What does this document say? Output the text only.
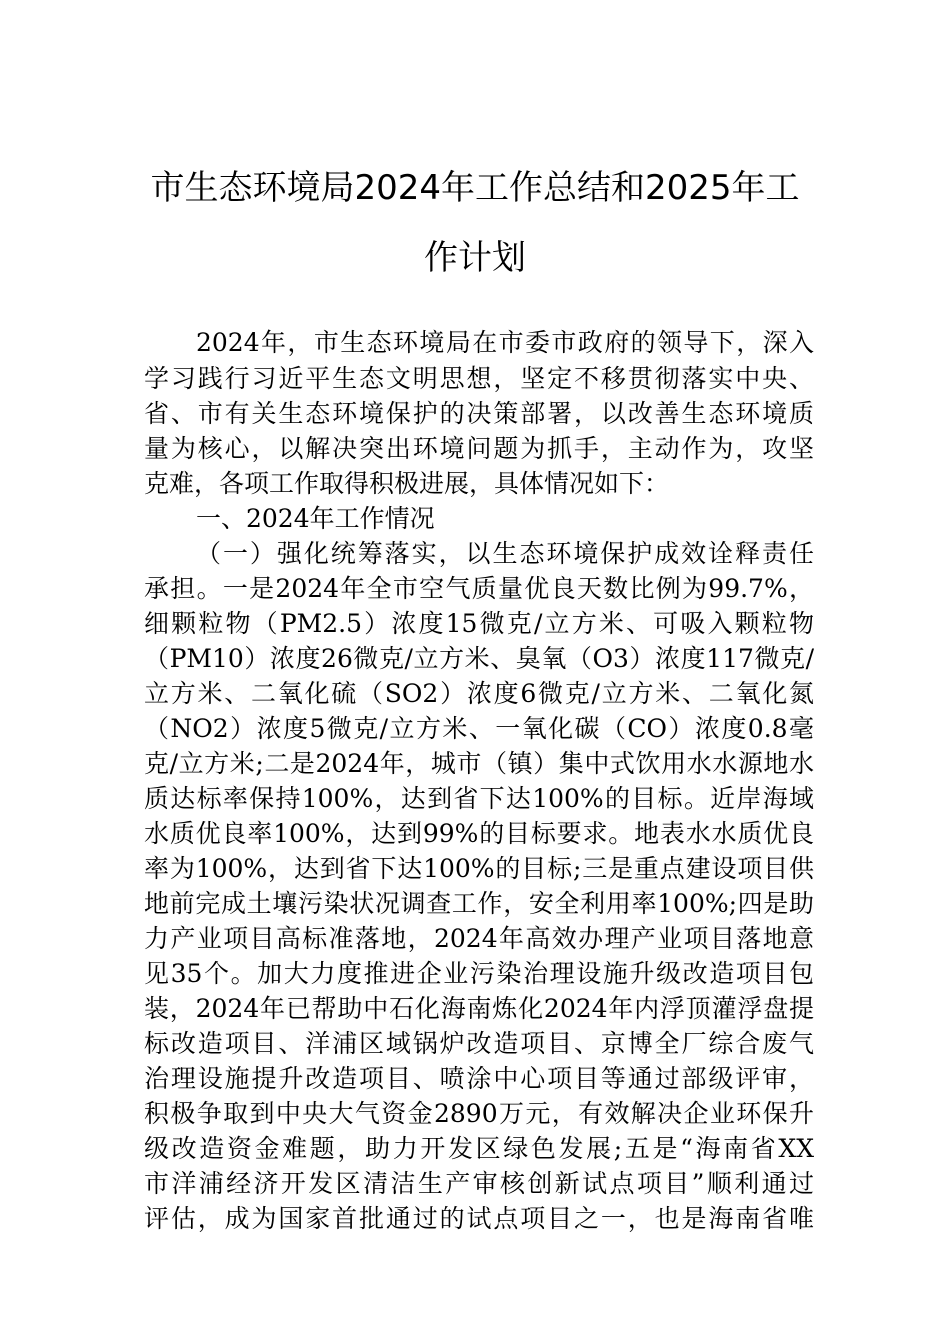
市生态环境局2024年工作总结和2025年工
作计划
2024年，市生态环境局在市委市政府的领导下，深入
学习践行习近平生态文明思想，坚定不移贯彻落实中央、
省、市有关生态环境保护的决策部署，以改善生态环境质
量为核心，以解决突出环境问题为抓手，主动作为，攻坚
克难，各项工作取得积极进展，具体情况如下：
一、2024年工作情况
（一）强化统筹落实，以生态环境保护成效诠释责任
承担。一是2024年全市空气质量优良天数比例为99.7%，
细颗粒物（PM2.5）浓度15微克/立方米、可吸入颗粒物
（PM10）浓度26微克/立方米、臭氧（O3）浓度117微克/
立方米、二氧化硫（SO2）浓度6微克/立方米、二氧化氮
（NO2）浓度5微克/立方米、一氧化碳（CO）浓度0.8毫
克/立方米;二是2024年，城市（镇）集中式饮用水水源地水
质达标率保持100%，达到省下达100%的目标。近岸海域
水质优良率100%，达到99%的目标要求。地表水水质优良
率为100%，达到省下达100%的目标;三是重点建设项目供
地前完成土壤污染状况调查工作，安全利用率100%;四是助
力产业项目高标准落地，2024年高效办理产业项目落地意
见35个。加大力度推进企业污染治理设施升级改造项目包
装，2024年已帮助中石化海南炼化2024年内浮顶灌浮盘提
标改造项目、洋浦区域锅炉改造项目、京博全厂综合废气
治理设施提升改造项目、喷涂中心项目等通过部级评审，
积极争取到中央大气资金2890万元，有效解决企业环保升
级改造资金难题，助力开发区绿色发展;五是“海南省XX
市洋浦经济开发区清洁生产审核创新试点项目”顺利通过
评估，成为国家首批通过的试点项目之一，也是海南省唯
